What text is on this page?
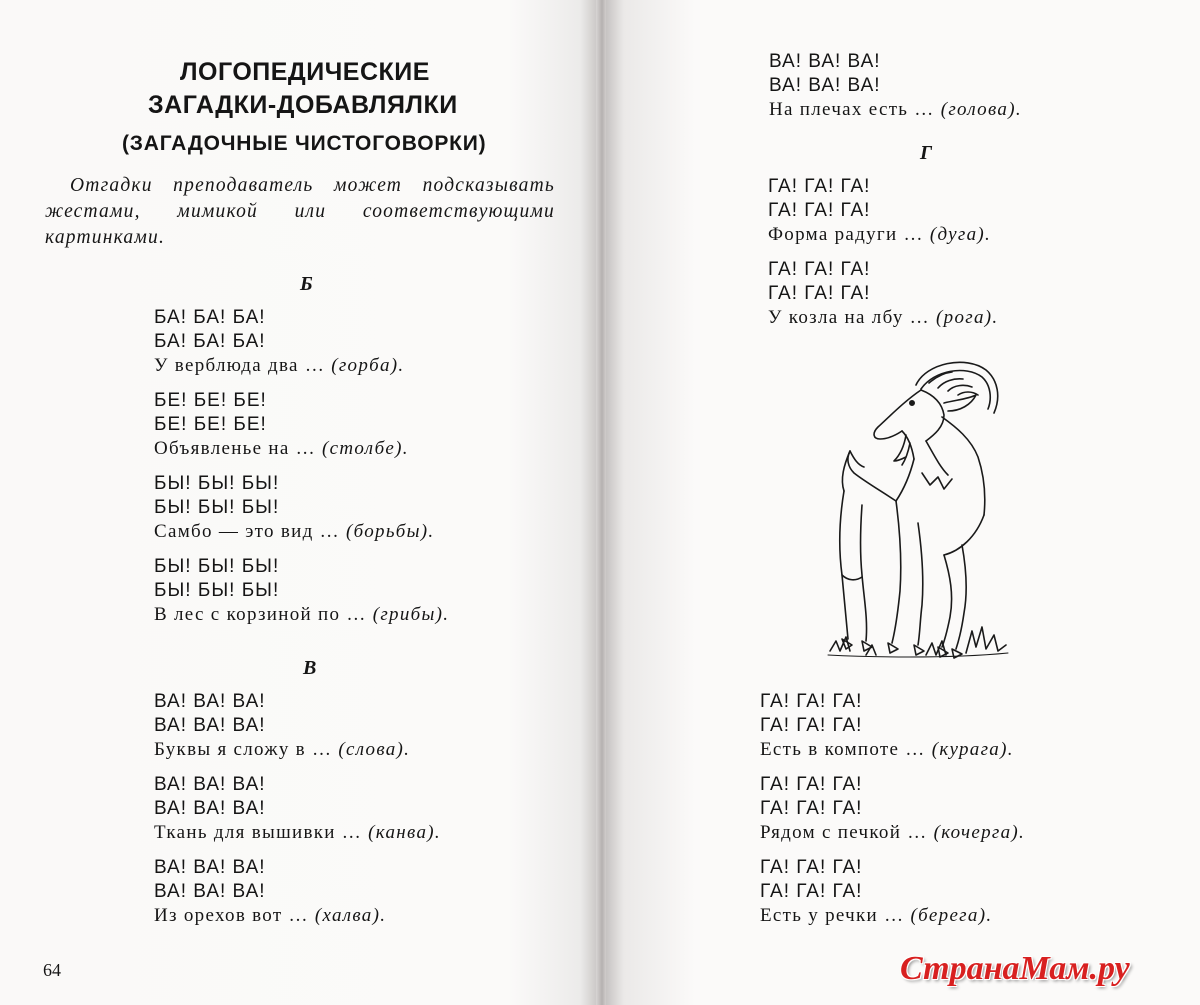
ЛОГОПЕДИЧЕСКИЕ
ЗАГАДКИ-ДОБАВЛЯЛКИ
(ЗАГАДОЧНЫЕ ЧИСТОГОВОРКИ)
Отгадки преподаватель может подсказывать жестами, мимикой или соответствующими картинками.
Б
БА! БА! БА!
БА! БА! БА!
У верблюда два … (горба).
БЕ! БЕ! БЕ!
БЕ! БЕ! БЕ!
Объявленье на … (столбе).
БЫ! БЫ! БЫ!
БЫ! БЫ! БЫ!
Самбо — это вид … (борьбы).
БЫ! БЫ! БЫ!
БЫ! БЫ! БЫ!
В лес с корзиной по … (грибы).
В
ВА! ВА! ВА!
ВА! ВА! ВА!
Буквы я сложу в … (слова).
ВА! ВА! ВА!
ВА! ВА! ВА!
Ткань для вышивки … (канва).
ВА! ВА! ВА!
ВА! ВА! ВА!
Из орехов вот … (халва).
64
ВА! ВА! ВА!
ВА! ВА! ВА!
На плечах есть … (голова).
Г
ГА! ГА! ГА!
ГА! ГА! ГА!
Форма радуги … (дуга).
ГА! ГА! ГА!
ГА! ГА! ГА!
У козла на лбу … (рога).
ГА! ГА! ГА!
ГА! ГА! ГА!
Есть в компоте … (курага).
ГА! ГА! ГА!
ГА! ГА! ГА!
Рядом с печкой … (кочерга).
ГА! ГА! ГА!
ГА! ГА! ГА!
Есть у речки … (берега).
СтранаМам.ру
